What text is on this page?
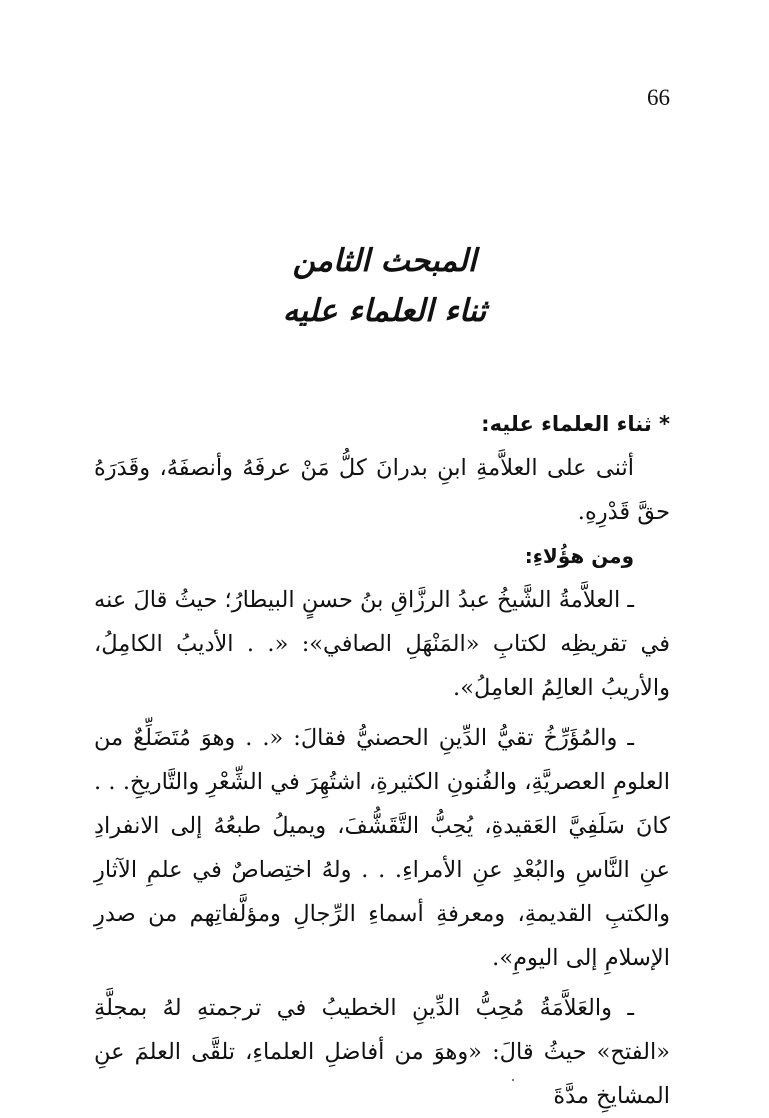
66
المبحث الثامن
ثناء العلماء عليه

* ثناء العلماء عليه:

أثنى على العلاَّمةِ ابنِ بدرانَ كلُّ مَنْ عرفَهُ وأنصفَهُ، وقَدَرَهُ حقَّ قَدْرِهِ.

ومن هؤُلاءِ:

ـ العلاَّمةُ الشَّيخُ عبدُ الرزَّاقِ بنُ حسنٍ البيطارُ؛ حيثُ قالَ عنه في تقريظِه لكتابِ «المَنْهَلِ الصافي»: «. . الأديبُ الكامِلُ، والأريبُ العالِمُ العامِلُ».

ـ والمُؤَرِّخُ تقيُّ الدِّينِ الحصنيُّ فقالَ: «. . وهوَ مُتَضَلِّعٌ من العلومِ العصريَّةِ، والفُنونِ الكثيرةِ، اشتُهِرَ في الشِّعْرِ والتَّاريخِ. . . كانَ سَلَفِيَّ العَقيدةِ، يُحِبُّ التَّقَشُّفَ، ويميلُ طبعُهُ إلى الانفرادِ عنِ النَّاسِ والبُعْدِ عنِ الأمراءِ. . . ولهُ اختِصاصٌ في علمِ الآثارِ والكتبِ القديمةِ، ومعرفةِ أسماءِ الرِّجالِ ومؤلَّفاتِهم من صدرِ الإسلامِ إلى اليومِ».

ـ والعَلاَّمَةُ مُحِبُّ الدِّينِ الخطيبُ في ترجمتهِ لهُ بمجلَّةِ «الفتح» حيثُ قالَ: «وهوَ من أفاضلِ العلماءِ، تلقَّى العلمَ عنِ المشايخِ مدَّةَ
